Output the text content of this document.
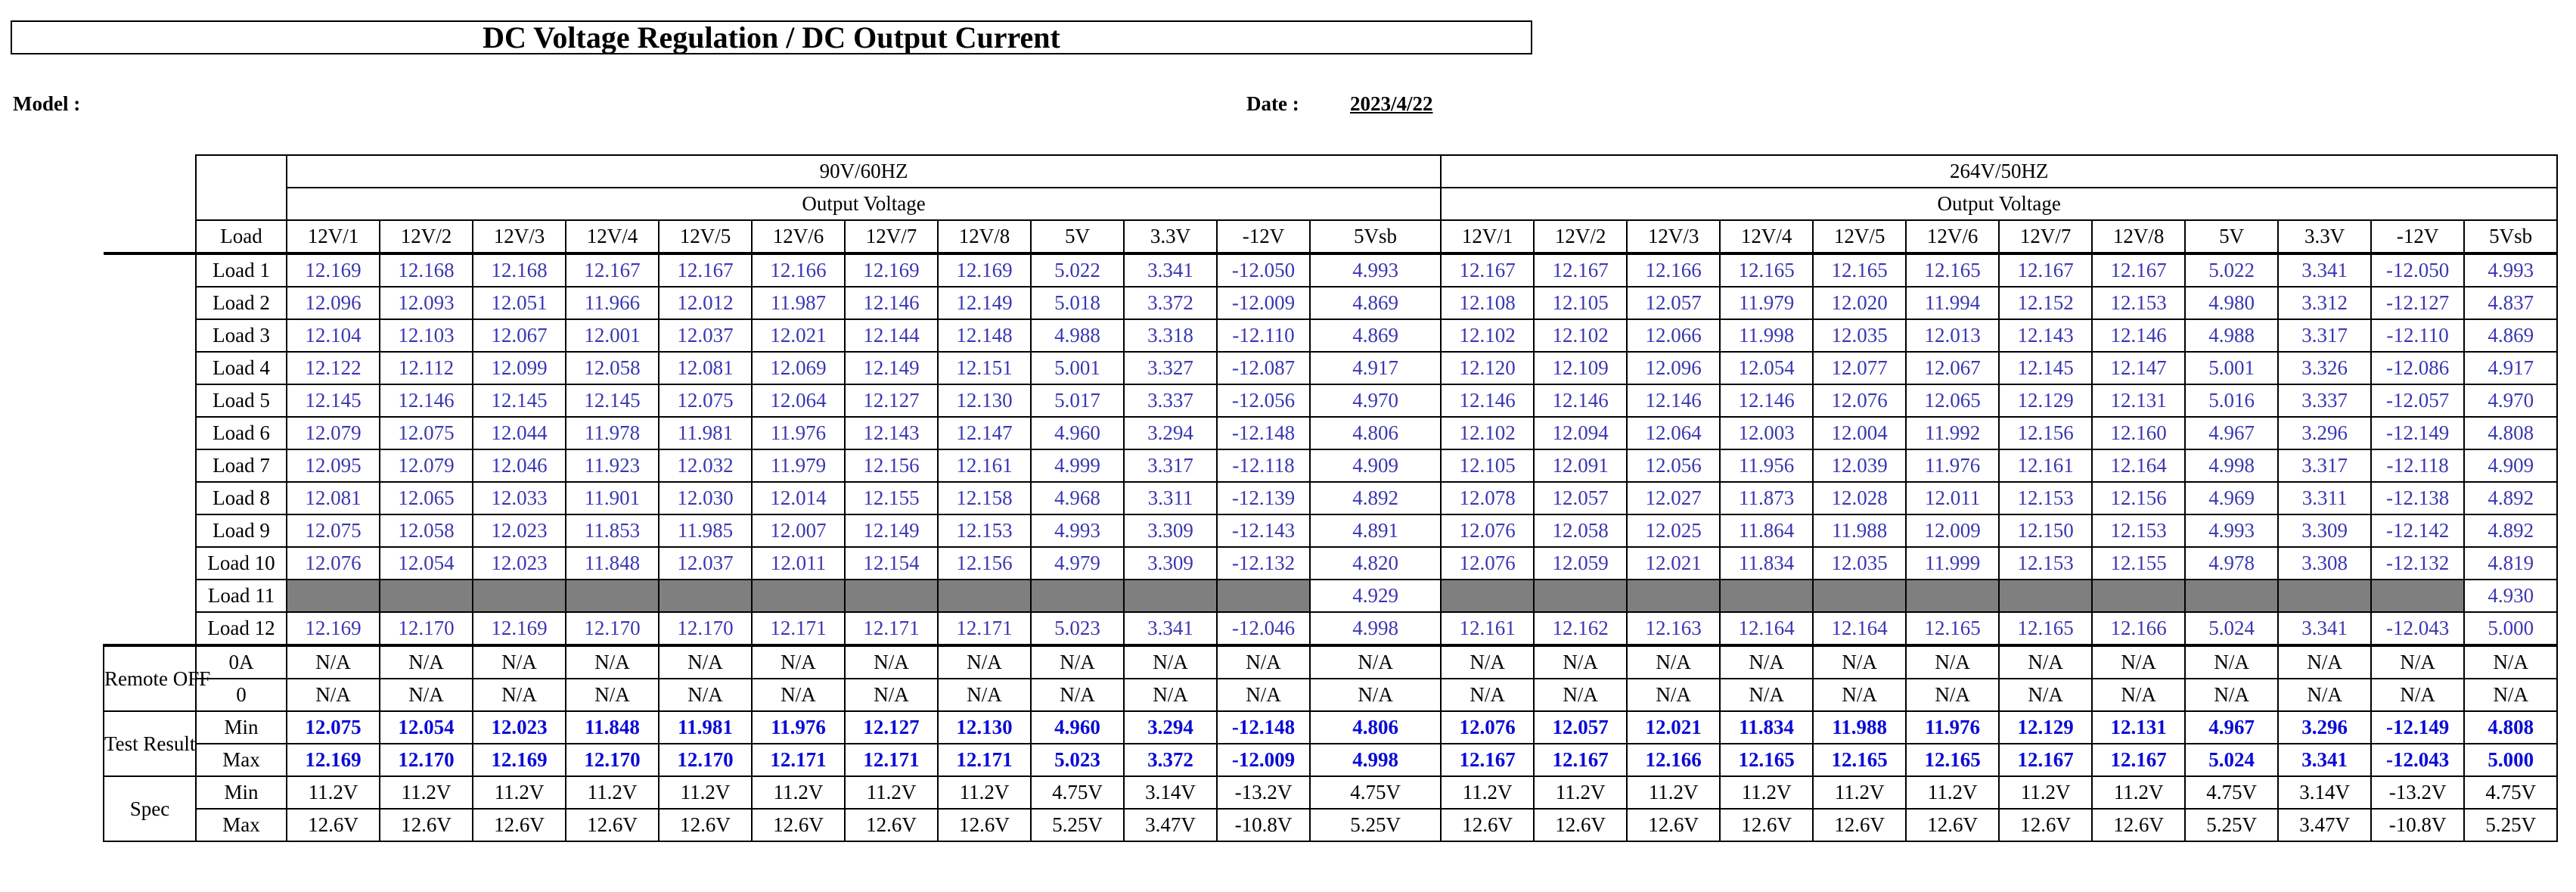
DC Voltage Regulation / DC Output Current
Model :	Date : 2023/4/22
		90V/60HZ												264V/50HZ											
		Output Voltage												Output Voltage											
	Load	12V/1	12V/2	12V/3	12V/4	12V/5	12V/6	12V/7	12V/8	5V	3.3V	-12V	5Vsb	12V/1	12V/2	12V/3	12V/4	12V/5	12V/6	12V/7	12V/8	5V	3.3V	-12V	5Vsb
	Load 1	12.169	12.168	12.168	12.167	12.167	12.166	12.169	12.169	5.022	3.341	-12.050	4.993	12.167	12.167	12.166	12.165	12.165	12.165	12.167	12.167	5.022	3.341	-12.050	4.993
	Load 2	12.096	12.093	12.051	11.966	12.012	11.987	12.146	12.149	5.018	3.372	-12.009	4.869	12.108	12.105	12.057	11.979	12.020	11.994	12.152	12.153	4.980	3.312	-12.127	4.837
	Load 3	12.104	12.103	12.067	12.001	12.037	12.021	12.144	12.148	4.988	3.318	-12.110	4.869	12.102	12.102	12.066	11.998	12.035	12.013	12.143	12.146	4.988	3.317	-12.110	4.869
	Load 4	12.122	12.112	12.099	12.058	12.081	12.069	12.149	12.151	5.001	3.327	-12.087	4.917	12.120	12.109	12.096	12.054	12.077	12.067	12.145	12.147	5.001	3.326	-12.086	4.917
	Load 5	12.145	12.146	12.145	12.145	12.075	12.064	12.127	12.130	5.017	3.337	-12.056	4.970	12.146	12.146	12.146	12.146	12.076	12.065	12.129	12.131	5.016	3.337	-12.057	4.970
	Load 6	12.079	12.075	12.044	11.978	11.981	11.976	12.143	12.147	4.960	3.294	-12.148	4.806	12.102	12.094	12.064	12.003	12.004	11.992	12.156	12.160	4.967	3.296	-12.149	4.808
	Load 7	12.095	12.079	12.046	11.923	12.032	11.979	12.156	12.161	4.999	3.317	-12.118	4.909	12.105	12.091	12.056	11.956	12.039	11.976	12.161	12.164	4.998	3.317	-12.118	4.909
	Load 8	12.081	12.065	12.033	11.901	12.030	12.014	12.155	12.158	4.968	3.311	-12.139	4.892	12.078	12.057	12.027	11.873	12.028	12.011	12.153	12.156	4.969	3.311	-12.138	4.892
	Load 9	12.075	12.058	12.023	11.853	11.985	12.007	12.149	12.153	4.993	3.309	-12.143	4.891	12.076	12.058	12.025	11.864	11.988	12.009	12.150	12.153	4.993	3.309	-12.142	4.892
	Load 10	12.076	12.054	12.023	11.848	12.037	12.011	12.154	12.156	4.979	3.309	-12.132	4.820	12.076	12.059	12.021	11.834	12.035	11.999	12.153	12.155	4.978	3.308	-12.132	4.819
	Load 11												4.929												4.930
	Load 12	12.169	12.170	12.169	12.170	12.170	12.171	12.171	12.171	5.023	3.341	-12.046	4.998	12.161	12.162	12.163	12.164	12.164	12.165	12.165	12.166	5.024	3.341	-12.043	5.000
Remote OFF	0A	N/A	N/A	N/A	N/A	N/A	N/A	N/A	N/A	N/A	N/A	N/A	N/A	N/A	N/A	N/A	N/A	N/A	N/A	N/A	N/A	N/A	N/A	N/A	N/A
	0	N/A	N/A	N/A	N/A	N/A	N/A	N/A	N/A	N/A	N/A	N/A	N/A	N/A	N/A	N/A	N/A	N/A	N/A	N/A	N/A	N/A	N/A	N/A	N/A
Test Result	Min	12.075	12.054	12.023	11.848	11.981	11.976	12.127	12.130	4.960	3.294	-12.148	4.806	12.076	12.057	12.021	11.834	11.988	11.976	12.129	12.131	4.967	3.296	-12.149	4.808
	Max	12.169	12.170	12.169	12.170	12.170	12.171	12.171	12.171	5.023	3.372	-12.009	4.998	12.167	12.167	12.166	12.165	12.165	12.165	12.167	12.167	5.024	3.341	-12.043	5.000
Spec	Min	11.2V	11.2V	11.2V	11.2V	11.2V	11.2V	11.2V	11.2V	4.75V	3.14V	-13.2V	4.75V	11.2V	11.2V	11.2V	11.2V	11.2V	11.2V	11.2V	11.2V	4.75V	3.14V	-13.2V	4.75V
	Max	12.6V	12.6V	12.6V	12.6V	12.6V	12.6V	12.6V	12.6V	5.25V	3.47V	-10.8V	5.25V	12.6V	12.6V	12.6V	12.6V	12.6V	12.6V	12.6V	12.6V	5.25V	3.47V	-10.8V	5.25V
